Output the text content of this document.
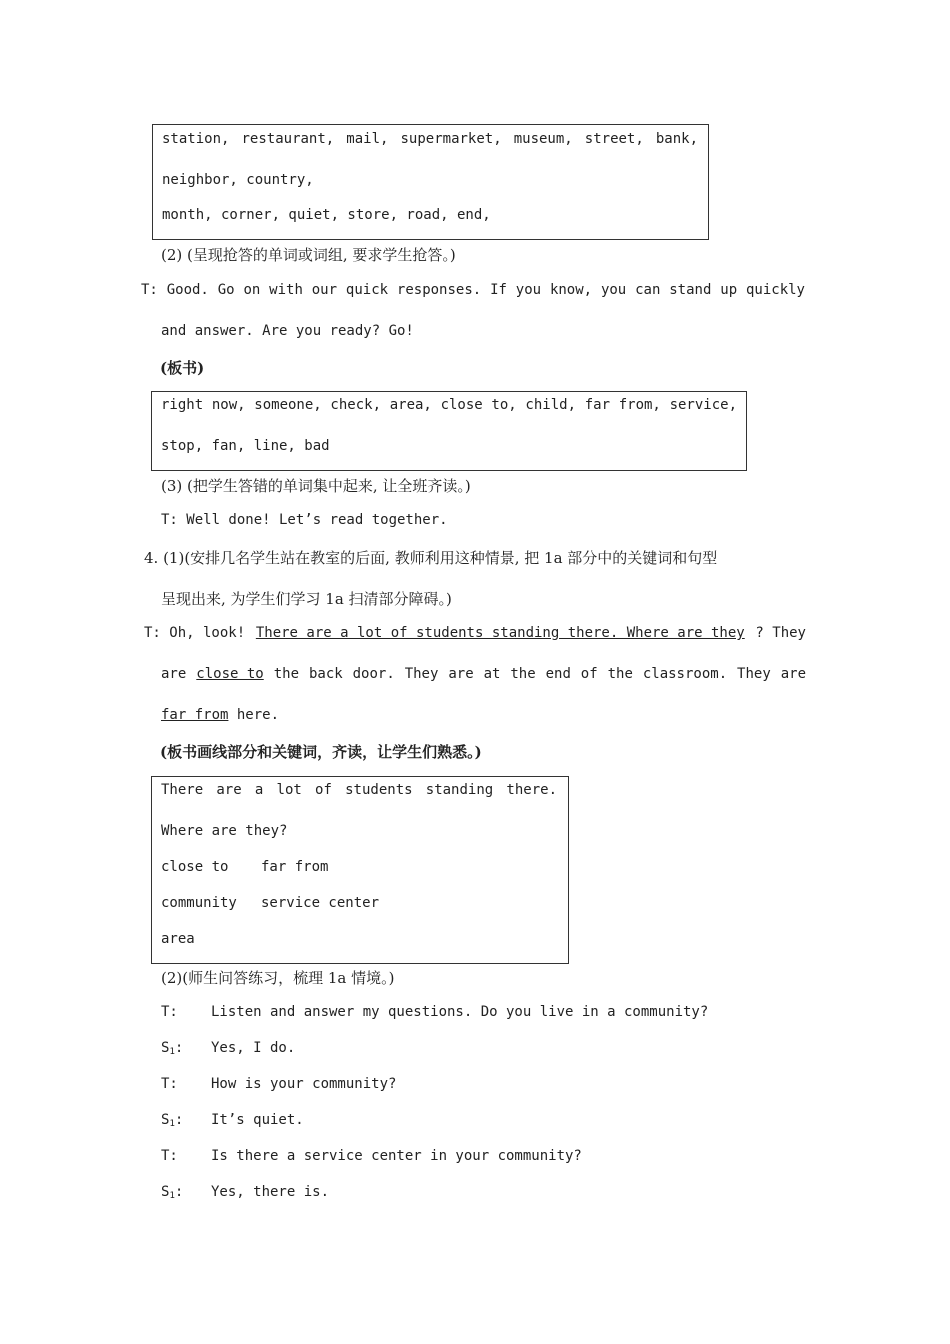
station, restaurant, mail, supermarket, museum, street, bank,
neighbor, country,
month, corner, quiet, store, road, end,
(2) (呈现抢答的单词或词组, 要求学生抢答。)
T: Good. Go on with our quick responses. If you know, you can stand up quickly
and answer. Are you ready? Go!
(板书)
right now, someone, check, area, close to, child, far from, service,
stop, fan, line, bad
(3) (把学生答错的单词集中起来, 让全班齐读。)
T: Well done! Let’s read together.
4. (1)(安排几名学生站在教室的后面, 教师利用这种情景, 把 1a 部分中的关键词和句型
呈现出来, 为学生们学习 1a 扫清部分障碍。)
T: Oh, look! There are a lot of students standing there. Where are they ? They
are close to the back door. They are at the end of the classroom. They are
far from here.
(板书画线部分和关键词，齐读，让学生们熟悉。)
There are a lot of students standing there.
Where are they?
close to far from
community service center
area
(2)(师生问答练习，梳理 1a 情境。)
T: Listen and answer my questions. Do you live in a community?
$S_1$: Yes, I do.
T: How is your community?
$S_1$: It’s quiet.
T: Is there a service center in your community?
$S_1$: Yes, there is.
